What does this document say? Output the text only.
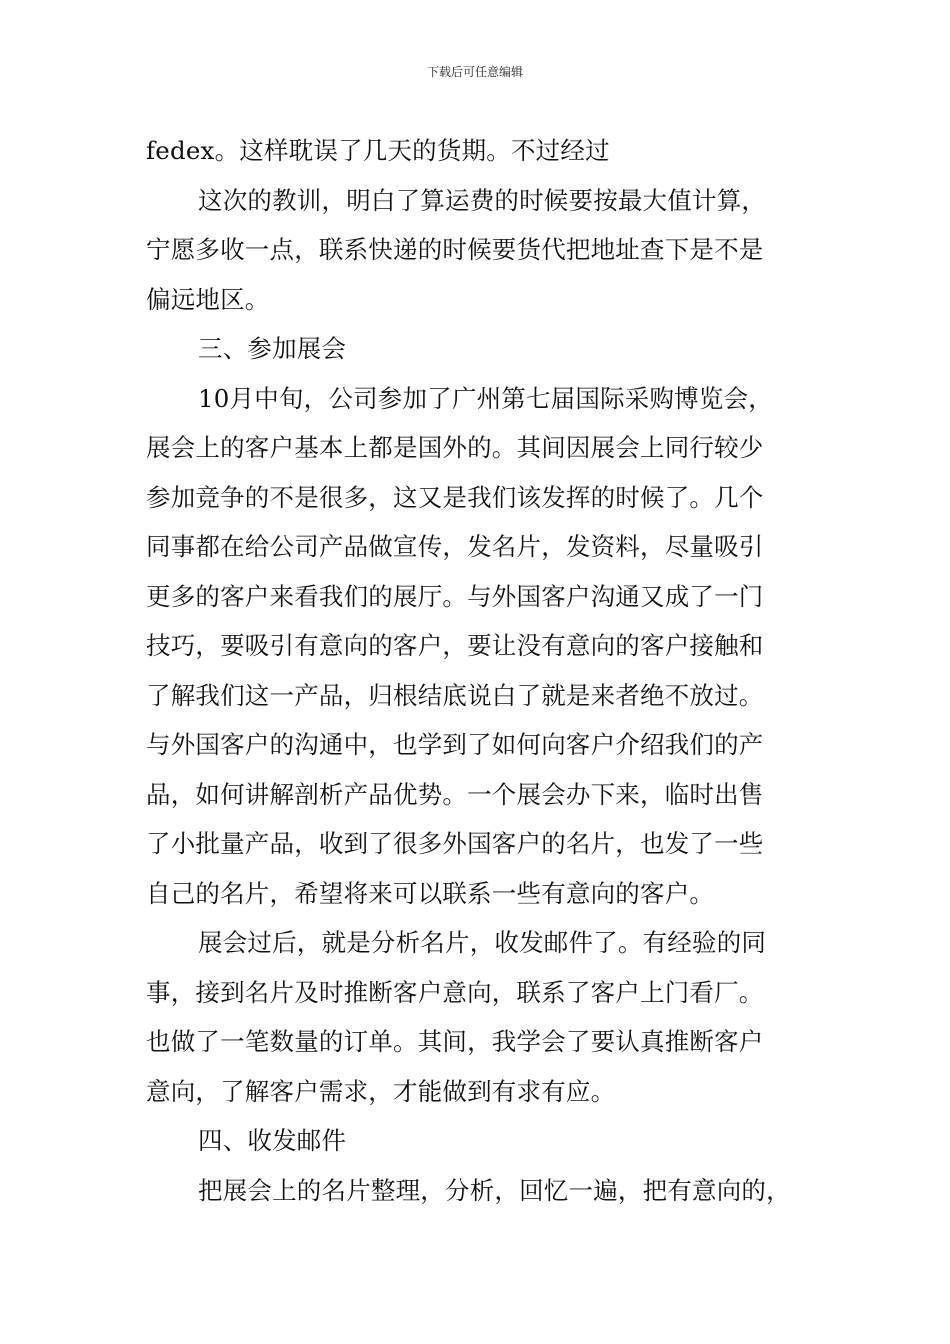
下载后可任意编辑
fedex。这样耽误了几天的货期。不过经过
这次的教训，明白了算运费的时候要按最大值计算，
宁愿多收一点，联系快递的时候要货代把地址查下是不是
偏远地区。
三、参加展会
10月中旬，公司参加了广州第七届国际采购博览会，
展会上的客户基本上都是国外的。其间因展会上同行较少
参加竞争的不是很多，这又是我们该发挥的时候了。几个
同事都在给公司产品做宣传，发名片，发资料，尽量吸引
更多的客户来看我们的展厅。与外国客户沟通又成了一门
技巧，要吸引有意向的客户，要让没有意向的客户接触和
了解我们这一产品，归根结底说白了就是来者绝不放过。
与外国客户的沟通中，也学到了如何向客户介绍我们的产
品，如何讲解剖析产品优势。一个展会办下来，临时出售
了小批量产品，收到了很多外国客户的名片，也发了一些
自己的名片，希望将来可以联系一些有意向的客户。
展会过后，就是分析名片，收发邮件了。有经验的同
事，接到名片及时推断客户意向，联系了客户上门看厂。
也做了一笔数量的订单。其间，我学会了要认真推断客户
意向，了解客户需求，才能做到有求有应。
四、收发邮件
把展会上的名片整理，分析，回忆一遍，把有意向的，
